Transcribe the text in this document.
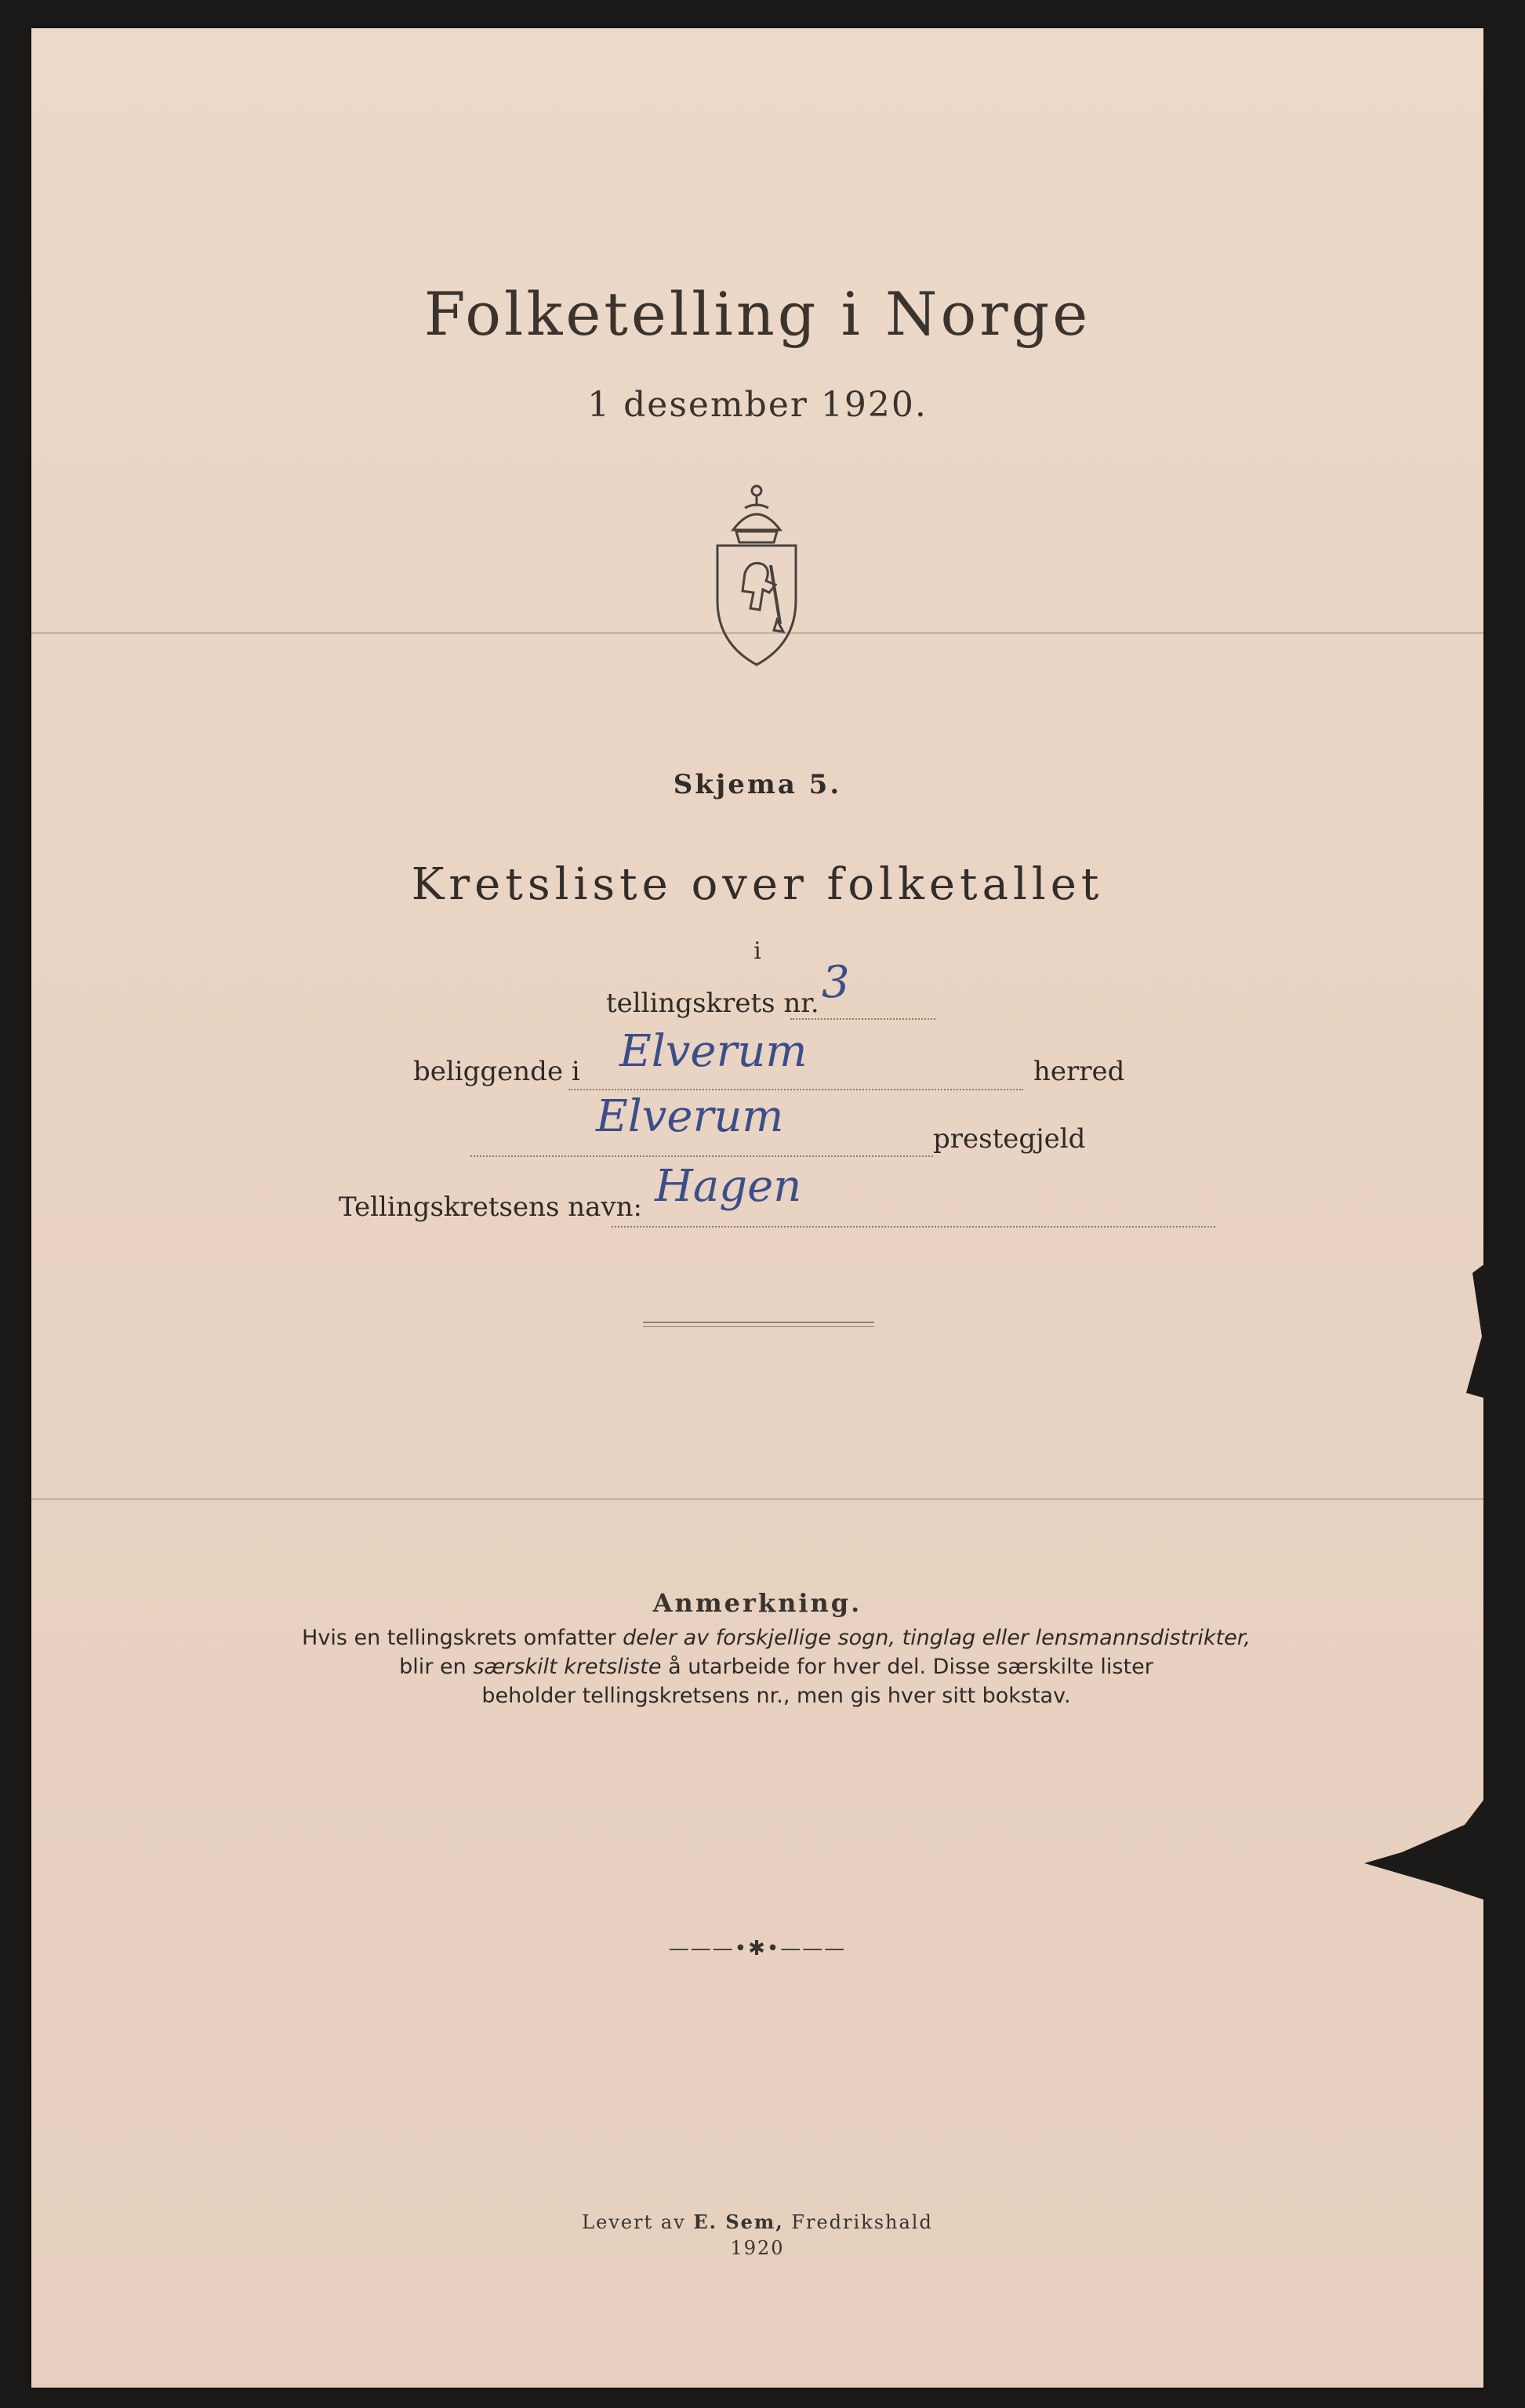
Folketelling i Norge
1 desember 1920.
Skjema 5.
Kretsliste over folketallet
i
tellingskrets nr. 3
beliggende i Elverum	herred
Elverum	prestegjeld
Tellingskretsens navn: Hagen
Anmerkning.
Hvis en tellingskrets omfatter deler av forskjellige sogn, tinglag eller lensmannsdistrikter,
blir en særskilt kretsliste å utarbeide for hver del. Disse særskilte lister
beholder tellingskretsens nr., men gis hver sitt bokstav.
———•✱•———
Levert av E. Sem, Fredrikshald
1920
